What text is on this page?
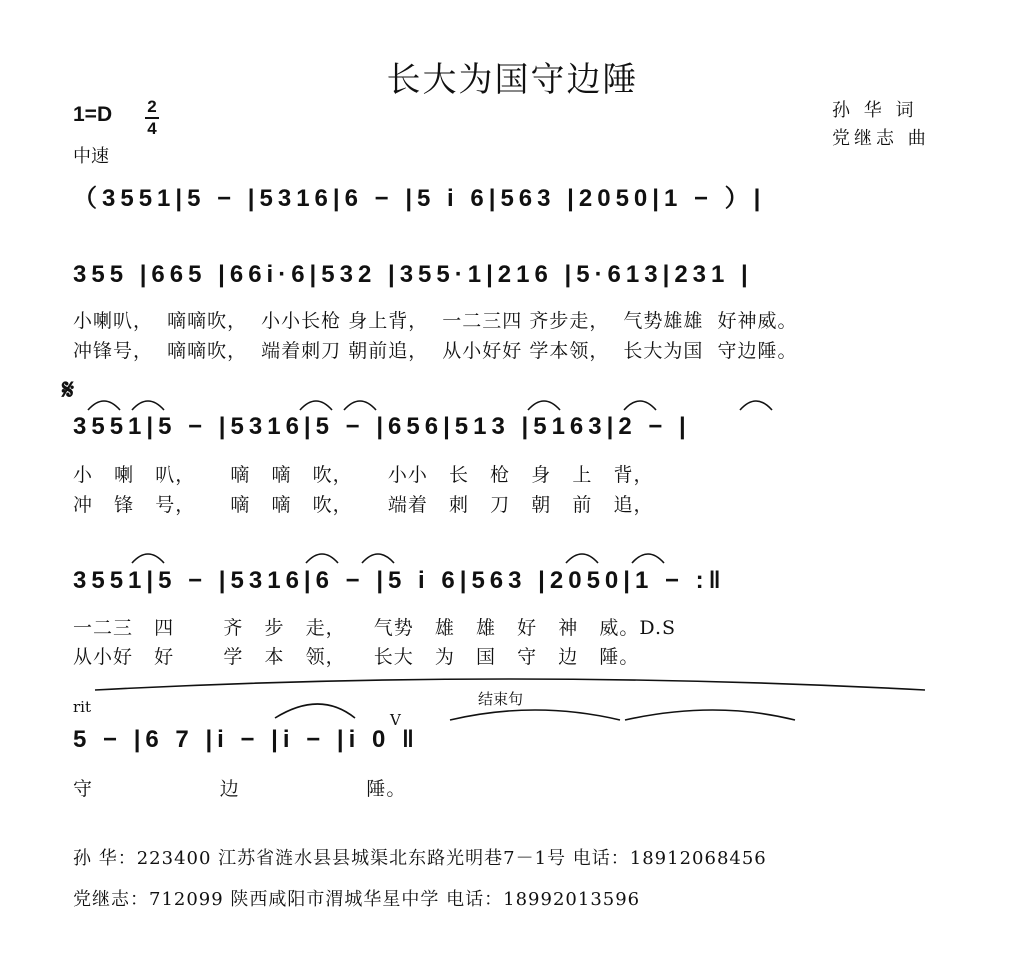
长大为国守边陲
1=D 2
4
中速
孙 华 词
党继志 曲
（3551|5 − |5316|6 − |5 i 6|563 |2050|1 − ）|
355 |665 |66i·6|532 |355·1|216 |5·613|231 |
小喇叭，  嘀嘀吹，  小小长枪 身上背，  一二三四 齐步走，  气势雄雄  好神威。
冲锋号，  嘀嘀吹，  端着刺刀 朝前追，  从小好好 学本领，  长大为国  守边陲。
𝄋
3551|5 − |5316|5 − |656|513 |5163|2 − |
小   喇   叭，     嘀   嘀   吹，     小小   长   枪   身   上   背，
冲   锋   号，     嘀   嘀   吹，     端着   刺   刀   朝   前   追，
3551|5 − |5316|6 − |5 i 6|563 |2050|1 − :‖
一二三   四       齐   步   走，    气势   雄   雄   好   神   威。D.S
从小好   好       学   本   领，    长大   为   国   守   边   陲。
rit	结束句
V
5 − |6 7 |i − |i − |i 0 ‖
守                  边                  陲。
孙 华：223400 江苏省涟水县县城渠北东路光明巷7－1号 电话：18912068456
党继志：712099 陕西咸阳市渭城华星中学 电话：18992013596
